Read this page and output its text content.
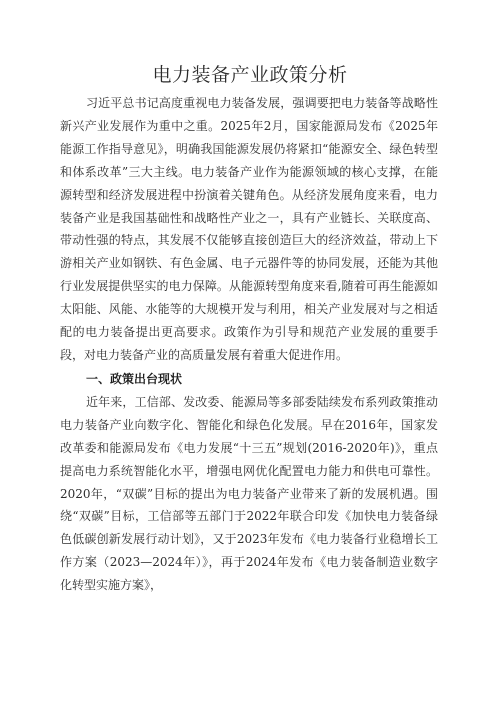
电力装备产业政策分析

习近平总书记高度重视电力装备发展，强调要把电力装备等战略性新兴产业发展作为重中之重。2025年2月，国家能源局发布《2025年能源工作指导意见》，明确我国能源发展仍将紧扣“能源安全、绿色转型和体系改革”三大主线。电力装备产业作为能源领域的核心支撑，在能源转型和经济发展进程中扮演着关键角色。从经济发展角度来看，电力装备产业是我国基础性和战略性产业之一，具有产业链长、关联度高、带动性强的特点，其发展不仅能够直接创造巨大的经济效益，带动上下游相关产业如钢铁、有色金属、电子元器件等的协同发展，还能为其他行业发展提供坚实的电力保障。从能源转型角度来看,随着可再生能源如太阳能、风能、水能等的大规模开发与利用，相关产业发展对与之相适配的电力装备提出更高要求。政策作为引导和规范产业发展的重要手段，对电力装备产业的高质量发展有着重大促进作用。

一、政策出台现状

近年来，工信部、发改委、能源局等多部委陆续发布系列政策推动电力装备产业向数字化、智能化和绿色化发展。早在2016年，国家发改革委和能源局发布《电力发展“十三五”规划(2016-2020年)》，重点提高电力系统智能化水平，增强电网优化配置电力能力和供电可靠性。2020年，“双碳”目标的提出为电力装备产业带来了新的发展机遇。围绕“双碳”目标，工信部等五部门于2022年联合印发《加快电力装备绿色低碳创新发展行动计划》，又于2023年发布《电力装备行业稳增长工作方案（2023—2024年）》，再于2024年发布《电力装备制造业数字化转型实施方案》，
